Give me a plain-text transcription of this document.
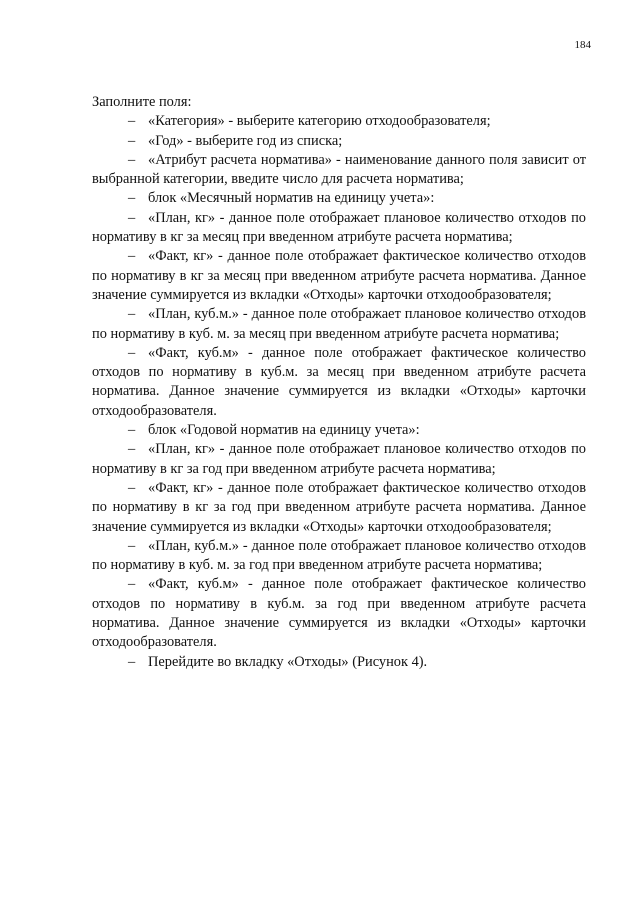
184

Заполните поля:

– «Категория» - выберите категорию отходообразователя;

– «Год» - выберите год из списка;

– «Атрибут расчета норматива» - наименование данного поля зависит от выбранной категории, введите число для расчета норматива;

– блок «Месячный норматив на единицу учета»:

– «План, кг» - данное поле отображает плановое количество отходов по нормативу в кг за месяц при введенном атрибуте расчета норматива;

– «Факт, кг» - данное поле отображает фактическое количество отходов по нормативу в кг за месяц при введенном атрибуте расчета норматива. Данное значение суммируется из вкладки «Отходы» карточки отходообразователя;

– «План, куб.м.» - данное поле отображает плановое количество отходов по нормативу в куб. м. за месяц при введенном атрибуте расчета норматива;

– «Факт, куб.м» - данное поле отображает фактическое количество отходов по нормативу в куб.м. за месяц при введенном атрибуте расчета норматива. Данное значение суммируется из вкладки «Отходы» карточки отходообразователя.

– блок «Годовой норматив на единицу учета»:

– «План, кг» - данное поле отображает плановое количество отходов по нормативу в кг за год при введенном атрибуте расчета норматива;

– «Факт, кг» - данное поле отображает фактическое количество отходов по нормативу в кг за год при введенном атрибуте расчета норматива. Данное значение суммируется из вкладки «Отходы» карточки отходообразователя;

– «План, куб.м.» - данное поле отображает плановое количество отходов по нормативу в куб. м. за год при введенном атрибуте расчета норматива;

– «Факт, куб.м» - данное поле отображает фактическое количество отходов по нормативу в куб.м. за год при введенном атрибуте расчета норматива. Данное значение суммируется из вкладки «Отходы» карточки отходообразователя.

– Перейдите во вкладку «Отходы» (Рисунок 4).
